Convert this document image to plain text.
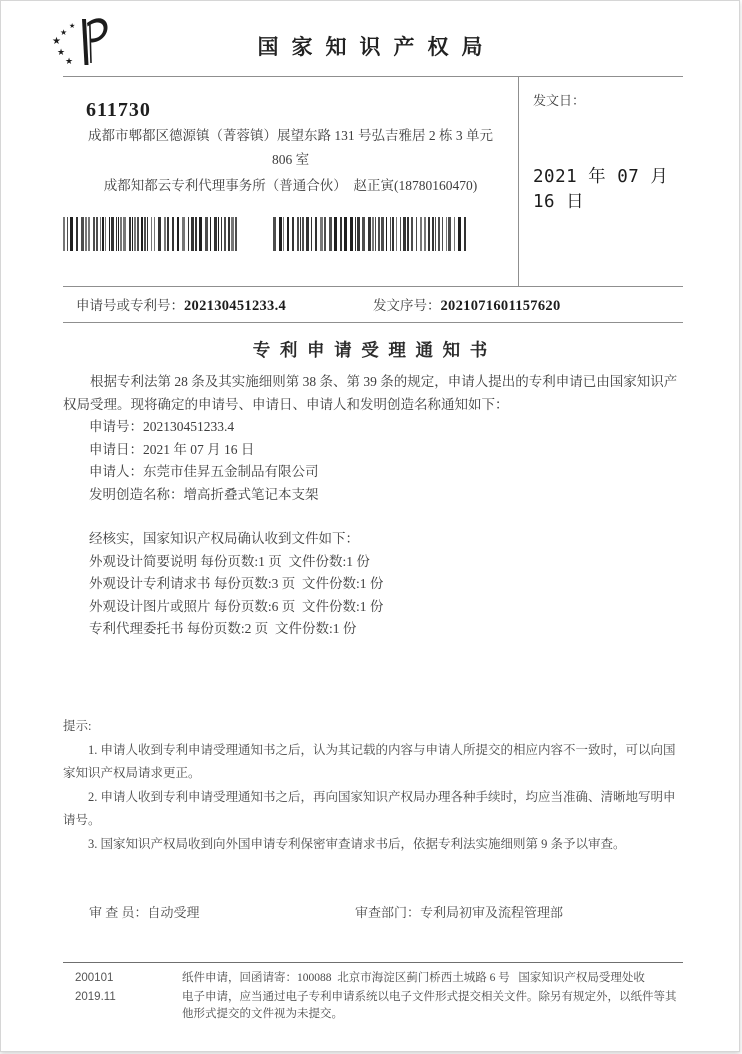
★
★
★
★
★
国家知识产权局
611730
成都市郫都区德源镇（菁蓉镇）展望东路 131 号弘吉雅居 2 栋 3 单元
806 室
成都知都云专利代理事务所（普通合伙）  赵正寅(18780160470)
发文日：
2021 年 07 月 16 日
申请号或专利号：202130451233.4	发文序号：2021071601157620
专利申请受理通知书
根据专利法第 28 条及其实施细则第 38 条、第 39 条的规定，申请人提出的专利申请已由国家知识产权局受理。现将确定的申请号、申请日、申请人和发明创造名称通知如下：
申请号：202130451233.4
申请日：2021 年 07 月 16 日
申请人：东莞市佳昇五金制品有限公司
发明创造名称：增高折叠式笔记本支架
经核实，国家知识产权局确认收到文件如下：
外观设计简要说明 每份页数:1 页  文件份数:1 份
外观设计专利请求书 每份页数:3 页  文件份数:1 份
外观设计图片或照片 每份页数:6 页  文件份数:1 份
专利代理委托书 每份页数:2 页  文件份数:1 份
提示:
1. 申请人收到专利申请受理通知书之后，认为其记载的内容与申请人所提交的相应内容不一致时，可以向国家知识产权局请求更正。
2. 申请人收到专利申请受理通知书之后，再向国家知识产权局办理各种手续时，均应当准确、清晰地写明申请号。
3. 国家知识产权局收到向外国申请专利保密审查请求书后，依据专利法实施细则第 9 条予以审查。
审 查 员：自动受理	审查部门：专利局初审及流程管理部
200101	纸件申请，回函请寄：100088  北京市海淀区蓟门桥西土城路 6 号   国家知识产权局受理处收
2019.11	电子申请，应当通过电子专利申请系统以电子文件形式提交相关文件。除另有规定外，以纸件等其他形式提交的文件视为未提交。
